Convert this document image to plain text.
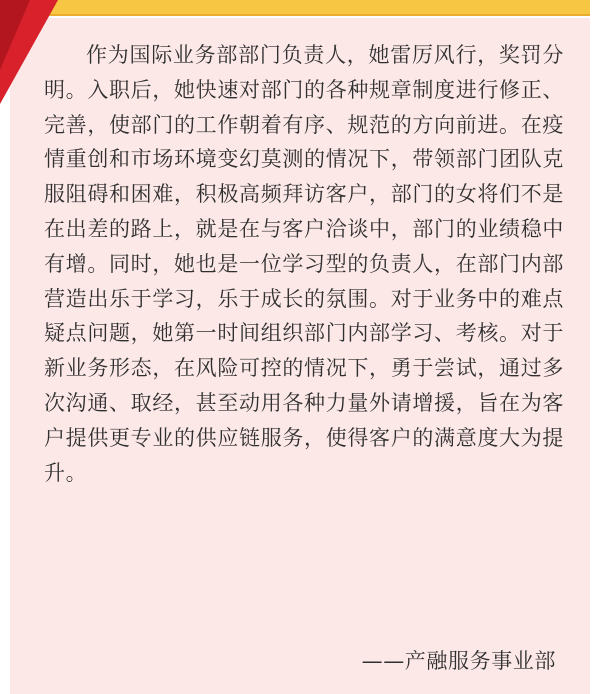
作为国际业务部部门负责人，她雷厉风行，奖罚分明。入职后，她快速对部门的各种规章制度进行修正、完善，使部门的工作朝着有序、规范的方向前进。在疫情重创和市场环境变幻莫测的情况下，带领部门团队克服阻碍和困难，积极高频拜访客户，部门的女将们不是在出差的路上，就是在与客户洽谈中，部门的业绩稳中有增。同时，她也是一位学习型的负责人，在部门内部营造出乐于学习，乐于成长的氛围。对于业务中的难点疑点问题，她第一时间组织部门内部学习、考核。对于新业务形态，在风险可控的情况下，勇于尝试，通过多次沟通、取经，甚至动用各种力量外请增援，旨在为客户提供更专业的供应链服务，使得客户的满意度大为提升。

——产融服务事业部
